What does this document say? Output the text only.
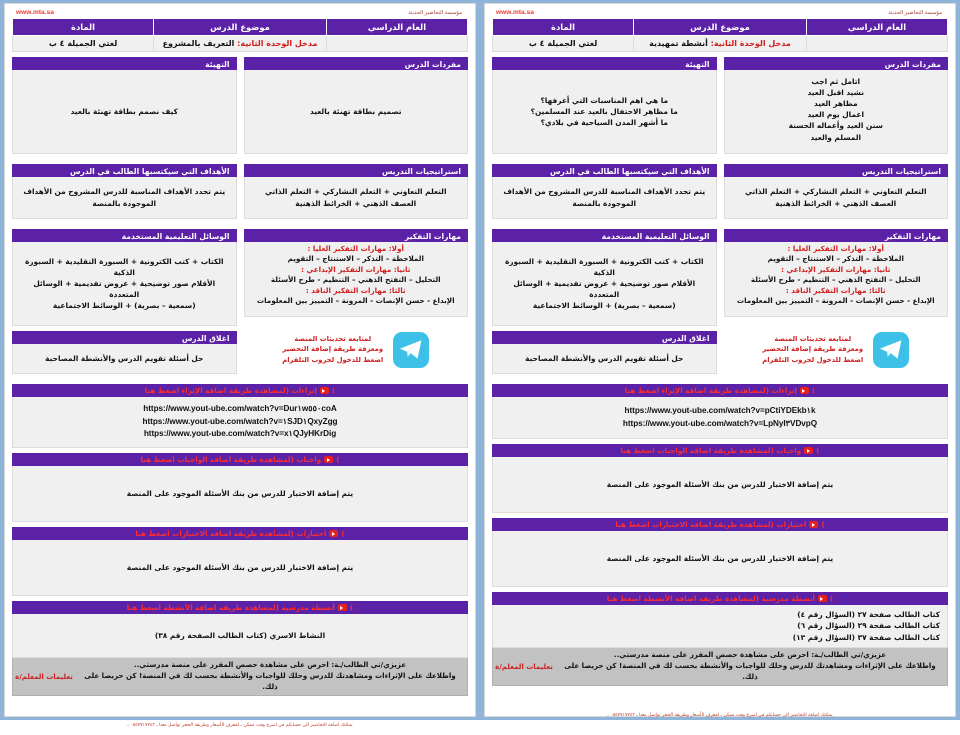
مؤسسة التحاضير الحديثة
www.mta.sa
العام الدراسي	موضوع الدرس	المادة
	مدخل الوحدة الثانية: أنشطة تمهيدية	لغتي الجميلة ٤ ب
مفردات الدرس
اتامل ثم اجب
نشيد اقبل العيد
مظاهر العيد
اعمال يوم العيد
سنن العيد وأعماله الحسنة
المسلم والعيد
التهيئة
ما هي اهم المناسبات التي أعرفها؟
ما مظاهر الاحتفال بالعيد عند المسلمين؟
ما أشهر المدن السياحية في بلادي؟
استراتيجيات التدريس
التعلم التعاوني + التعلم التشاركي + التعلم الذاتي
العصف الذهني + الخرائط الذهنية
الأهداف التي سيكتسبها الطالب في الدرس
يتم تحدد الأهداف المناسبة للدرس المشروح من الأهداف الموجودة بالمنصة
مهارات التفكير
أولا: مهارات التفكير العليا :
الملاحظة – التذكر – الاستنتاج – التقويم
ثانيا: مهارات التفكير الإبداعي :
التحليل – التفتح الذهني – التنظيم - طرح الأسئلة
ثالثا: مهارات التفكير الناقد :
الإبداع - حسن الإنصات - المرونة – التمييز بين المعلومات
لمتابعة تحديثات المنصة
ومعرفة طريقة إضافة التحضير
اضغط للدخول لجروب التلقرام
الوسائل التعليمية المستخدمة
الكتاب + كتب الكترونية + السبورة التقليدية + السبورة الذكية
الأقلام صور توضيحية + عروض تقديمية + الوسائل المتعددة
(سمعية – بصرية) + الوسائط الاجتماعية
اغلاق الدرس
حل أسئلة تقويم الدرس والأنشطة المصاحبة
)
إثراءات (لمشاهدة طريقة اضافة الإثراء اضغط هنا
https://www.yout-ube.com/watch?v=pCtiYDEkb١k
https://www.yout-ube.com/watch?v=LpNyI٣VDvpQ
)
واجبات (لمشاهدة طريقة اضافة الواجبات اضغط هنا
يتم إضافة الاختبار للدرس من بنك الأسئلة الموجود على المنصة
)
اختبارات (لمشاهدة طريقة اضافة الاختبارات اضغط هنا
يتم إضافة الاختبار للدرس من بنك الأسئلة الموجود على المنصة
)
أنشطة مدرسية (لمشاهدة طريقة اضافة الأنشطة اضغط هنا
كتاب الطالب صفحة ٢٧ (السؤال رقم ٤)
كتاب الطالب صفحة ٢٩ (السؤال رقم ٦)
كتاب الطالب صفحة ٣٧ (السؤال رقم ١٣)
عزيزي/تي الطالب/ـة: احرص على مشاهدة حصص المقرر على منصة مدرستي..
واطلاعك على الإثراءات ومشاهدتك للدرس وحلك للواجبات والأنشطة بحسب لك في المنصة! كن حريصا على ذلك.
تعليمات المعلم/ة
يمكنك اضافة التحاضير الى حسابكم في اسرع وقت ممكن ـ لمعرف الأسعار وطريقة الحجز تواصل معنا ـ ٠٥٥٧٧١٧٧٤٢ ـ
مؤسسة التحاضير الحديثة
www.mta.sa
العام الدراسي	موضوع الدرس	المادة
	مدخل الوحدة الثانية: التعريف بالمشروع	لغتي الجميلة ٤ ب
مفردات الدرس
تصميم بطاقة تهنئة بالعيد
التهيئة
كيف نصمم بطاقة تهنئة بالعيد
استراتيجيات التدريس
التعلم التعاوني + التعلم التشاركي + التعلم الذاتي
العصف الذهني + الخرائط الذهنية
الأهداف التي سيكتسبها الطالب في الدرس
يتم تحدد الأهداف المناسبة للدرس المشروح من الأهداف الموجودة بالمنصة
مهارات التفكير
أولا: مهارات التفكير العليا :
الملاحظة – التذكر – الاستنتاج – التقويم
ثانيا: مهارات التفكير الإبداعي :
التحليل – التفتح الذهني – التنظيم - طرح الأسئلة
ثالثا: مهارات التفكير الناقد :
الإبداع - حسن الإنصات - المرونة – التمييز بين المعلومات
لمتابعة تحديثات المنصة
ومعرفة طريقة إضافة التحضير
اضغط للدخول لجروب التلقرام
الوسائل التعليمية المستخدمة
الكتاب + كتب الكترونية + السبورة التقليدية + السبورة الذكية
الأقلام صور توضيحية + عروض تقديمية + الوسائل المتعددة
(سمعية – بصرية) + الوسائط الاجتماعية
اغلاق الدرس
حل أسئلة تقويم الدرس والأنشطة المصاحبة
)
إثراءات (لمشاهدة طريقة اضافة الإثراء اضغط هنا
https://www.yout-ube.com/watch?v=Dur١w٥٥٠coA
https://www.yout-ube.com/watch?v=١SJD١QxyZgg
https://www.yout-ube.com/watch?v=x١QJyHKrDig
)
واجبات (لمشاهدة طريقة اضافة الواجبات اضغط هنا
يتم إضافة الاختبار للدرس من بنك الأسئلة الموجود على المنصة
)
اختبارات (لمشاهدة طريقة اضافة الاختبارات اضغط هنا
يتم إضافة الاختبار للدرس من بنك الأسئلة الموجود على المنصة
)
أنشطة مدرسية (لمشاهدة طريقة اضافة الأنشطة اضغط هنا
النشاط الاسري (كتاب الطالب الصفحة رقم ٣٨)
عزيزي/تي الطالب/ـة: احرص على مشاهدة حصص المقرر على منصة مدرستي..
واطلاعك على الإثراءات ومشاهدتك للدرس وحلك للواجبات والأنشطة بحسب لك في المنصة! كن حريصا على ذلك.
تعليمات المعلم/ة
يمكنك اضافة التحاضير الى حسابكم في اسرع وقت ممكن ـ لمعرف الأسعار وطريقة الحجز تواصل معنا ـ ٠٥٥٧٧١٧٧٤٢ ـ
